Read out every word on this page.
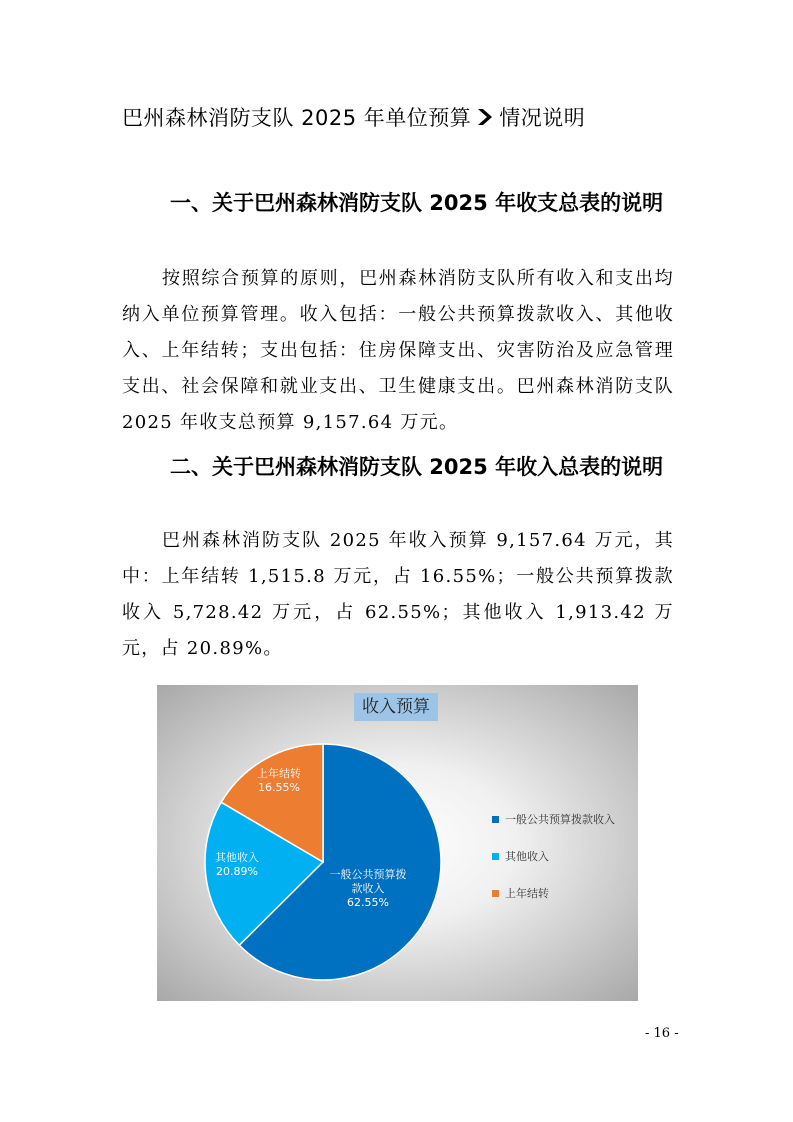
巴州森林消防支队 2025 年单位预算 情况说明
一、关于巴州森林消防支队 2025 年收支总表的说明
按照综合预算的原则，巴州森林消防支队所有收入和支出均纳入单位预算管理。收入包括：一般公共预算拨款收入、其他收入、上年结转；支出包括：住房保障支出、灾害防治及应急管理支出、社会保障和就业支出、卫生健康支出。巴州森林消防支队 2025 年收支总预算 9,157.64 万元。
二、关于巴州森林消防支队 2025 年收入总表的说明
巴州森林消防支队 2025 年收入预算 9,157.64 万元，其中：上年结转 1,515.8 万元，占 16.55%；一般公共预算拨款收入 5,728.42 万元，占 62.55%；其他收入 1,913.42 万元，占 20.89%。
收入预算
一般公共预算拨款收入 62.55%
其他收入 20.89%
上年结转 16.55%
一般公共预算拨款收入
其他收入
上年结转
- 16 -
